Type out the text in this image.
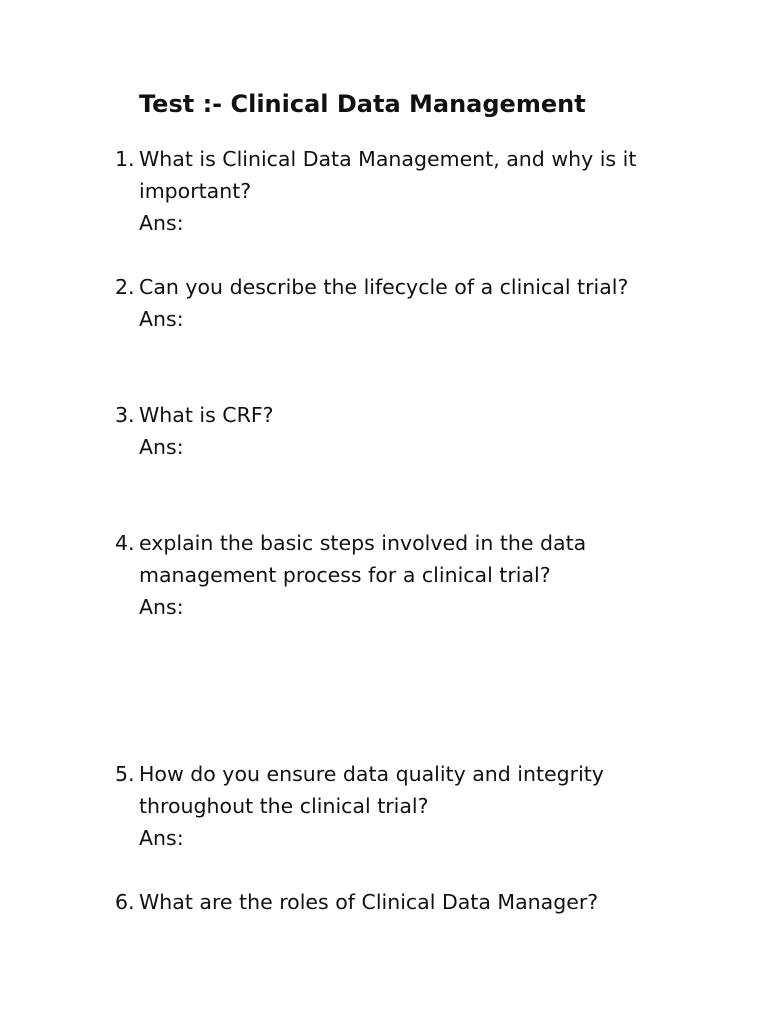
Test :- Clinical Data Management
1. What is Clinical Data Management, and why is it
important?
Ans:
2. Can you describe the lifecycle of a clinical trial?
Ans:
3. What is CRF?
Ans:
4. explain the basic steps involved in the data
management process for a clinical trial?
Ans:
5. How do you ensure data quality and integrity
throughout the clinical trial?
Ans:
6. What are the roles of Clinical Data Manager?
